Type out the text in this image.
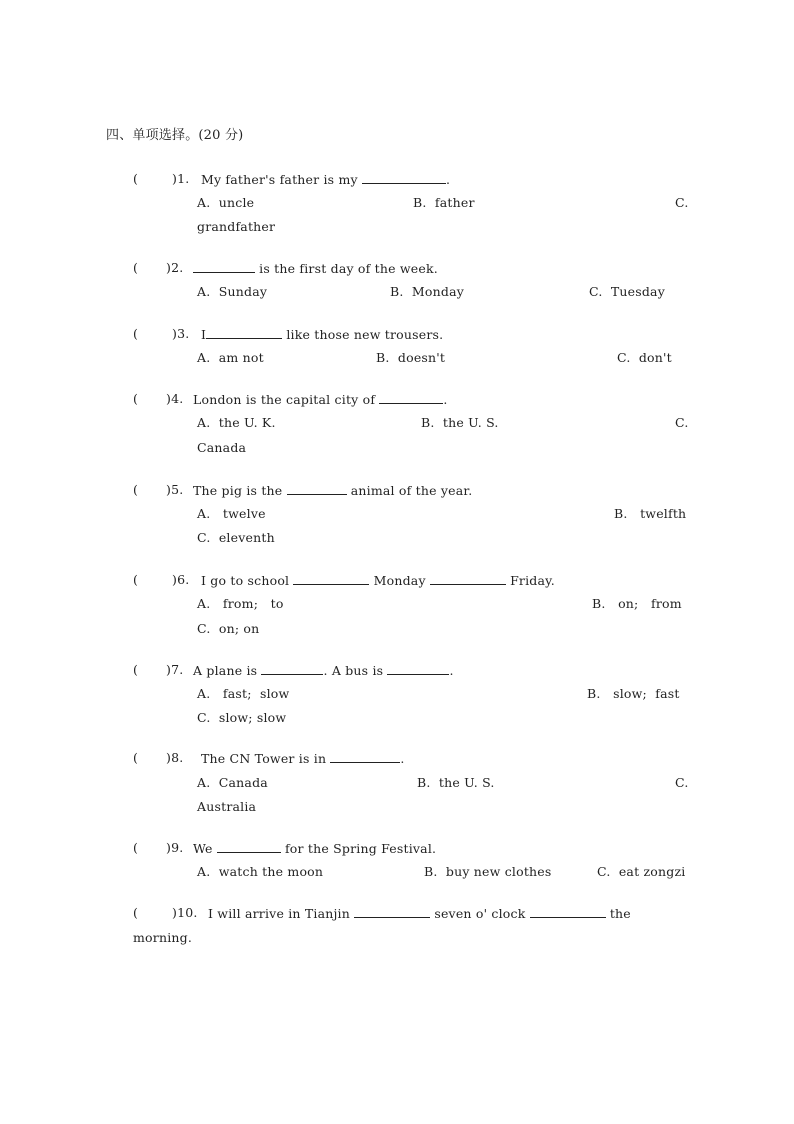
四、单项选择。(20 分)
(	)1. My father's father is my	.
A.  uncle	B.  father	C.
grandfather
( )2.	is the first day of the week.
A.  Sunday	B.  Monday	C.  Tuesday
(	)3. I	like those new trousers.
A.  am not	B.  doesn't	C.  don't
( )4. London is the capital city of	.
A.  the U. K.	B.  the U. S.	C.
Canada
( )5. The pig is the	animal of the year.
A.   twelve	B.   twelfth
C.  eleventh
(	)6. I go to school	Monday	Friday.
A.   from;   to	B.   on;   from
C.  on; on
( )7. A plane is	. A bus is	.
A.   fast;  slow	B.   slow;  fast
C.  slow; slow
( )8. The CN Tower is in	.
A.  Canada	B.  the U. S.	C.
Australia
( )9. We	for the Spring Festival.
A.  watch the moon	B.  buy new clothes	C.  eat zongzi
(	)10. I will arrive in Tianjin	seven o' clock	the
morning.
